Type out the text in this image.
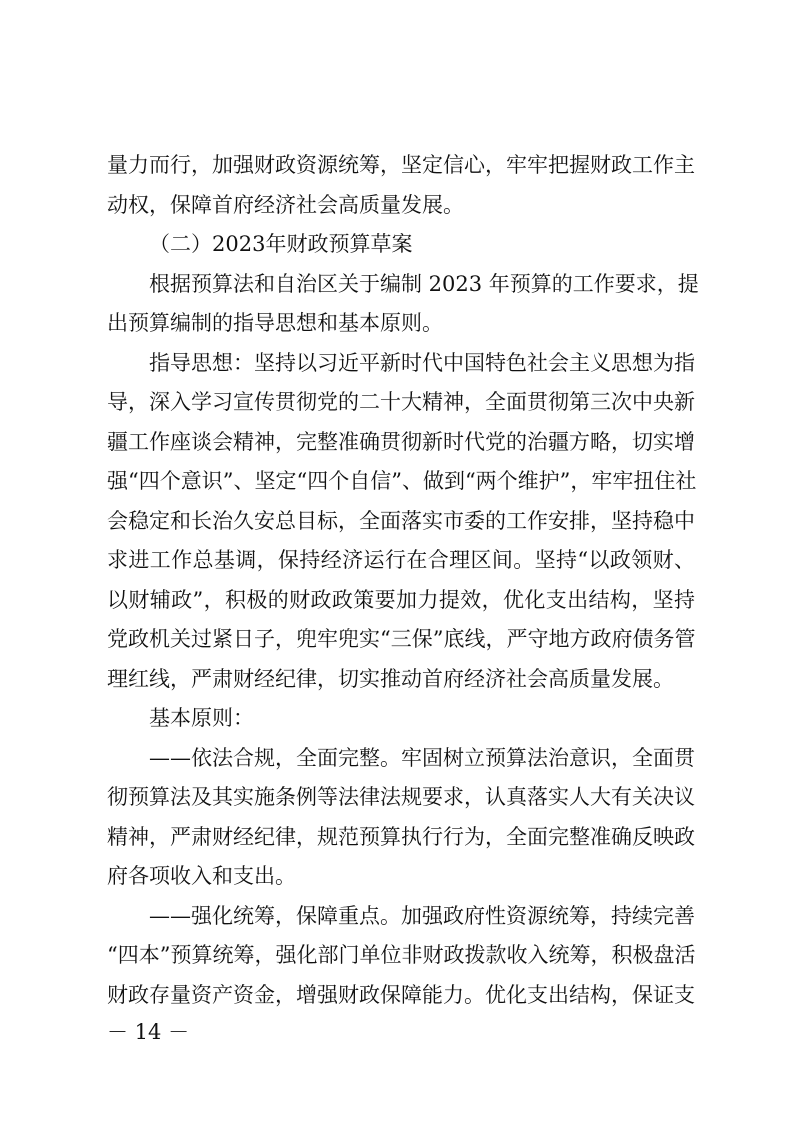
量力而行，加强财政资源统筹，坚定信心，牢牢把握财政工作主
动权，保障首府经济社会高质量发展。
（二）2023年财政预算草案
根据预算法和自治区关于编制 2023 年预算的工作要求，提
出预算编制的指导思想和基本原则。
指导思想：坚持以习近平新时代中国特色社会主义思想为指
导，深入学习宣传贯彻党的二十大精神，全面贯彻第三次中央新
疆工作座谈会精神，完整准确贯彻新时代党的治疆方略，切实增
强“四个意识”、坚定“四个自信”、做到“两个维护”，牢牢扭住社
会稳定和长治久安总目标，全面落实市委的工作安排，坚持稳中
求进工作总基调，保持经济运行在合理区间。坚持“以政领财、
以财辅政”，积极的财政政策要加力提效，优化支出结构，坚持
党政机关过紧日子，兜牢兜实“三保”底线，严守地方政府债务管
理红线，严肃财经纪律，切实推动首府经济社会高质量发展。
基本原则：
——依法合规，全面完整。牢固树立预算法治意识，全面贯
彻预算法及其实施条例等法律法规要求，认真落实人大有关决议
精神，严肃财经纪律，规范预算执行行为，全面完整准确反映政
府各项收入和支出。
——强化统筹，保障重点。加强政府性资源统筹，持续完善
“四本”预算统筹，强化部门单位非财政拨款收入统筹，积极盘活
财政存量资产资金，增强财政保障能力。优化支出结构，保证支
－ 14 －
